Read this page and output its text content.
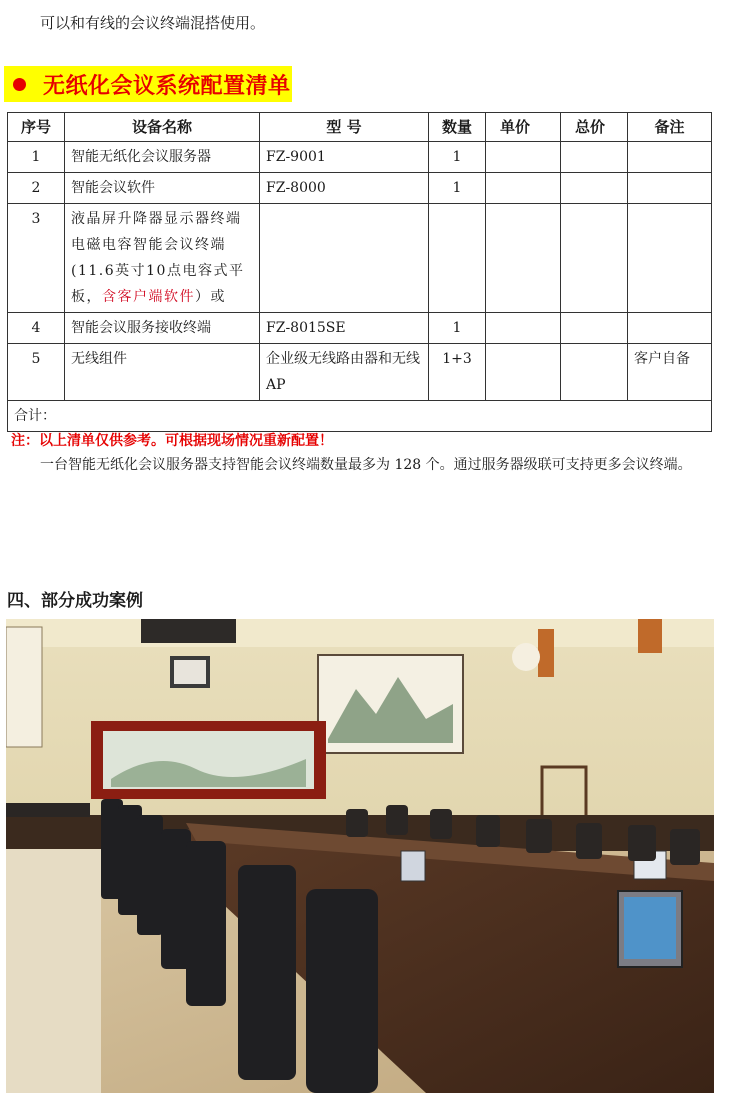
可以和有线的会议终端混搭使用。
无纸化会议系统配置清单
序号	设备名称	型 号	数量	单价	总价	备注
1	智能无纸化会议服务器	FZ-9001	1			
2	智能会议软件	FZ-8000	1			
3	液晶屏升降器显示器终端电磁电容智能会议终端(11.6英寸10点电容式平板，含客户端软件）或					
4	智能会议服务接收终端	FZ-8015SE	1			
5	无线组件	企业级无线路由器和无线AP	1+3			客户自备
合计：						
注：以上清单仅供参考。可根据现场情况重新配置！
一台智能无纸化会议服务器支持智能会议终端数量最多为 128 个。通过服务器级联可支持更多会议终端。
四、部分成功案例
